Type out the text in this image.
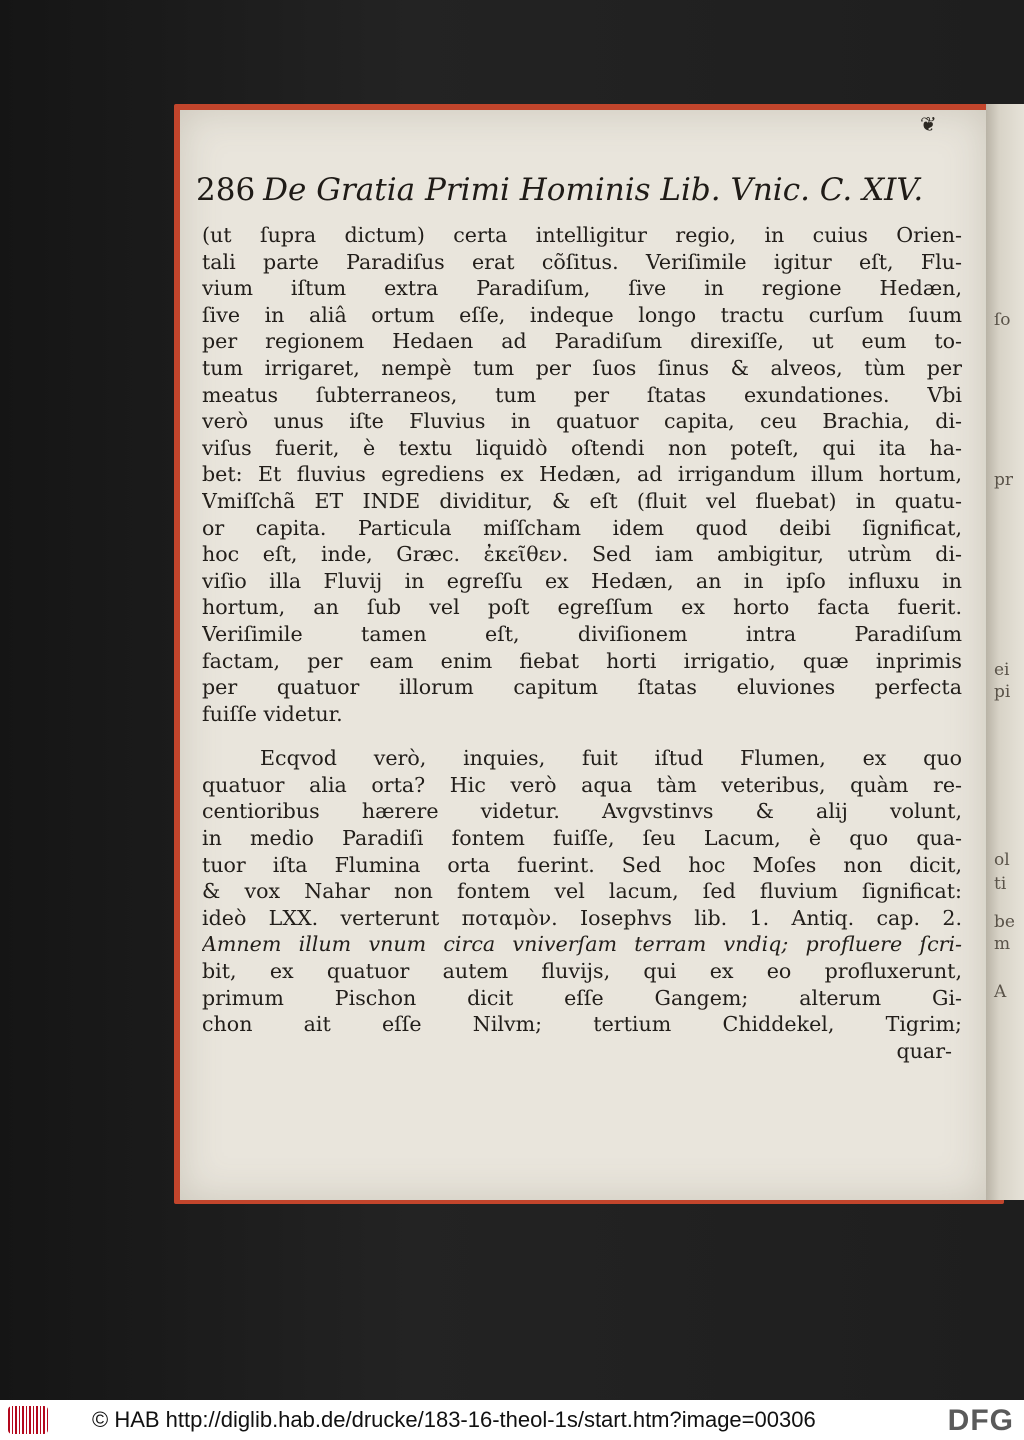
ſo
pr
ei
pi
ol
ti
be
m
A
❦
286 De Gratia Primi Hominis Lib. Vnic. C. XIV.
(ut ſupra dictum) certa intelligitur regio, in cuius Orien-
tali parte Paradiſus erat cõſitus. Veriſimile igitur eſt, Flu-
vium iſtum extra Paradiſum, ſive in regione Hedæn,
ſive in aliâ ortum eſſe, indeque longo tractu curſum ſuum
per regionem Hedaen ad Paradiſum direxiſſe, ut eum to-
tum irrigaret, nempè tum per ſuos ſinus & alveos, tùm per
meatus ſubterraneos, tum per ſtatas exundationes. Vbi
verò unus iſte Fluvius in quatuor capita, ceu Brachia, di-
viſus fuerit, è textu liquidò oſtendi non poteſt, qui ita ha-
bet: Et fluvius egrediens ex Hedæn, ad irrigandum illum hortum,
Vmiſſchã ET INDE dividitur, & eſt (fluit vel fluebat) in quatu-
or capita. Particula miſſcham idem quod deibi ſignificat,
hoc eſt, inde, Græc. ἐκεῖθεν. Sed iam ambigitur, utrùm di-
viſio illa Fluvij in egreſſu ex Hedæn, an in ipſo influxu in
hortum, an ſub vel poſt egreſſum ex horto facta fuerit.
Veriſimile tamen eſt, diviſionem intra Paradiſum
factam, per eam enim fiebat horti irrigatio, quæ inprimis
per quatuor illorum capitum ſtatas eluviones perfecta
fuiſſe videtur.
Ecqvod verò, inquies, fuit iſtud Flumen, ex quo
quatuor alia orta? Hic verò aqua tàm veteribus, quàm re-
centioribus hærere videtur. Avgvstinvs & alij volunt,
in medio Paradiſi fontem fuiſſe, ſeu Lacum, è quo qua-
tuor iſta Flumina orta fuerint. Sed hoc Moſes non dicit,
& vox Nahar non fontem vel lacum, ſed fluvium ſignificat:
ideò LXX. verterunt ποταμὸν. Iosephvs lib. 1. Antiq. cap. 2.
Amnem illum vnum circa vniverſam terram vndiq; profluere ſcri-
bit, ex quatuor autem fluvijs, qui ex eo profluxerunt,
primum Pischon dicit eſſe Gangem; alterum Gi-
chon ait eſſe Nilvm; tertium Chiddekel, Tigrim;
quar-
© HAB http://diglib.hab.de/drucke/183-16-theol-1s/start.htm?image=00306	DFG
